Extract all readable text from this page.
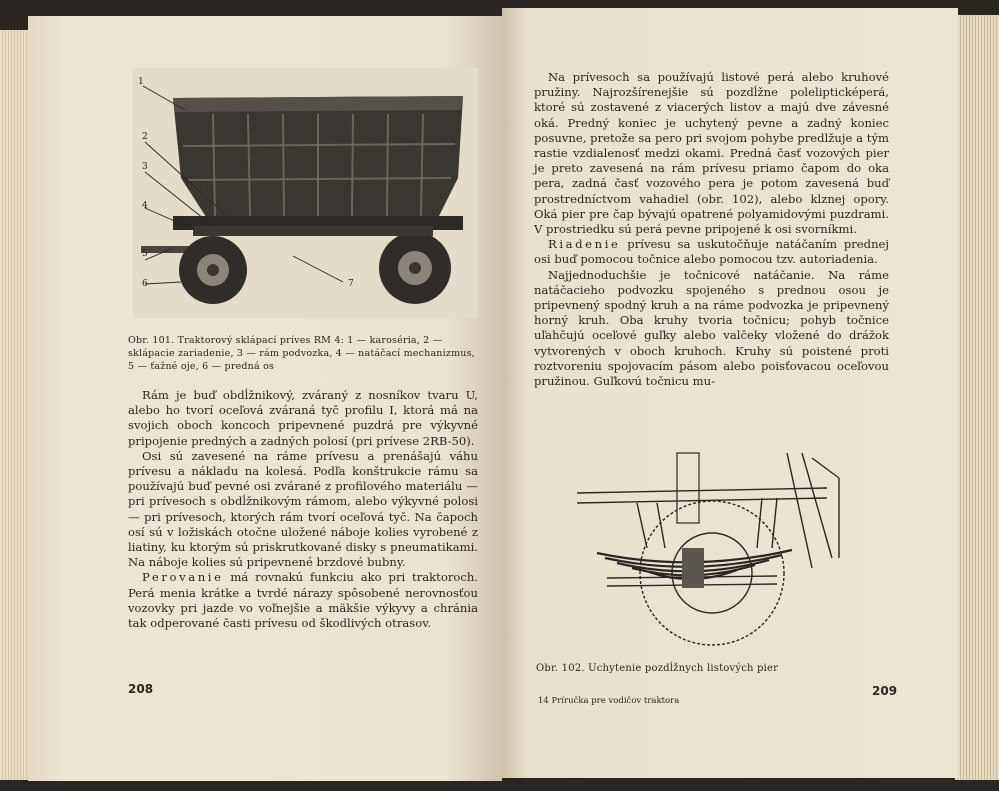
1
2
3
4
5
6	7
Obr. 101. Traktorový sklápací príves RM 4: 1 — karoséria, 2 — sklápacie zariadenie, 3 — rám podvozka, 4 — natáčací mechanizmus, 5 — ťažné oje, 6 — predná os

Rám je buď obdĺžnikový, zváraný z nosníkov tvaru U, alebo ho tvorí oceľová zváraná tyč profilu I, ktorá má na svojich oboch koncoch pripevnené puzdrá pre výkyvné pripojenie predných a zadných polosí (pri prívese 2RB-50).

Osi sú zavesené na ráme prívesu a prenášajú váhu prívesu a nákladu na kolesá. Podľa konštrukcie rámu sa používajú buď pevné osi zvárané z profilového materiálu — pri prívesoch s obdĺžnikovým rámom, alebo výkyvné polosi — pri prívesoch, ktorých rám tvorí oceľová tyč. Na čapoch osí sú v ložiskách otočne uložené náboje kolies vyrobené z liatiny, ku ktorým sú priskrutkované disky s pneumatikami. Na náboje kolies sú pripevnené brzdové bubny.

Perovanie má rovnakú funkciu ako pri traktoroch. Perá menia krátke a tvrdé nárazy spôsobené nerovnosťou vozovky pri jazde vo voľnejšie a mäkšie výkyvy a chránia tak odperované časti prívesu od škodlivých otrasov.

208

Na prívesoch sa používajú listové perá alebo kruhové pružiny. Najrozšírenejšie sú pozdĺžne polelipticképerá, ktoré sú zostavené z viacerých listov a majú dve závesné oká. Predný koniec je uchytený pevne a zadný koniec posuvne, pretože sa pero pri svojom pohybe predlžuje a tým rastie vzdialenosť medzi okami. Predná časť vozových pier je preto zavesená na rám prívesu priamo čapom do oka pera, zadná časť vozového pera je potom zavesená buď prostredníctvom vahadiel (obr. 102), alebo klznej opory. Oká pier pre čap bývajú opatrené polyamidovými puzdrami. V prostriedku sú perá pevne pripojené k osi svorníkmi.

Riadenie prívesu sa uskutočňuje natáčaním prednej osi buď pomocou točnice alebo pomocou tzv. autoriadenia.

Najjednoduchšie je točnicové natáčanie. Na ráme natáčacieho podvozku spojeného s prednou osou je pripevnený spodný kruh a na ráme podvozka je pripevnený horný kruh. Oba kruhy tvoria točnicu; pohyb točnice uľahčujú oceľové guľky alebo valčeky vložené do drážok vytvorených v oboch kruhoch. Kruhy sú poistené proti roztvoreniu spojovacím pásom alebo poisťovacou oceľovou pružinou. Guľkovú točnicu mu-

Obr. 102. Uchytenie pozdĺžnych listových pier
14 Príručka pre vodičov traktora
209
